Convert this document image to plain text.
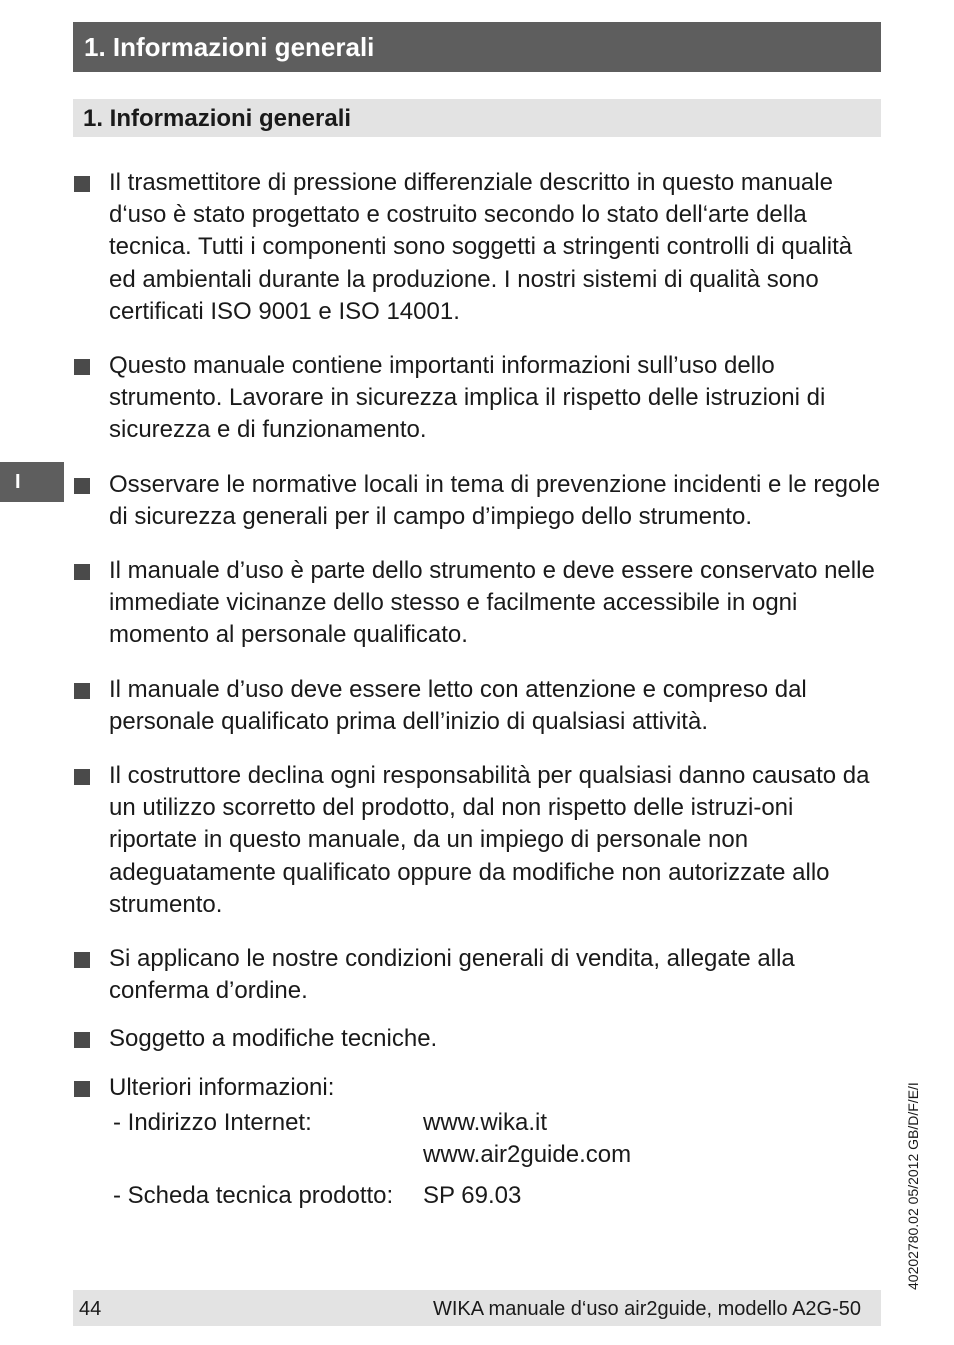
1. Informazioni generali
1. Informazioni generali
I

Il trasmettitore di pressione differenziale descritto in questo manuale d‘uso è stato progettato e costruito secondo lo stato dell‘arte della tecnica. Tutti i componenti sono soggetti a stringenti controlli di qualità ed ambientali durante la produzione. I nostri sistemi di qualità sono certificati ISO 9001 e ISO 14001.

Questo manuale contiene importanti informazioni sull’uso dello strumento. Lavorare in sicurezza implica il rispetto delle istruzioni di sicurezza e di funzionamento.

Osservare le normative locali in tema di prevenzione incidenti e le regole di sicurezza generali per il campo d’impiego dello strumento.

Il manuale d’uso è parte dello strumento e deve essere conservato nelle immediate vicinanze dello stesso e facilmente accessibile in ogni momento al personale qualificato.

Il manuale d’uso deve essere letto con attenzione e compreso dal personale qualificato prima dell’inizio di qualsiasi attività.

Il costruttore declina ogni responsabilità per qualsiasi danno causato da un utilizzo scorretto del prodotto, dal non rispetto delle istruzi-oni riportate in questo manuale, da un impiego di personale non adeguatamente qualificato oppure da modifiche non autorizzate allo strumento.

Si applicano le nostre condizioni generali di vendita, allegate alla conferma d’ordine.

Soggetto a modifiche tecniche.

Ulteriori informazioni:

- Indirizzo Internet:	www.wika.it
www.air2guide.com
- Scheda tecnica prodotto:	SP 69.03	40202780.02 05/2012 GB/D/F/E/I
44	WIKA manuale d‘uso air2guide, modello A2G-50
